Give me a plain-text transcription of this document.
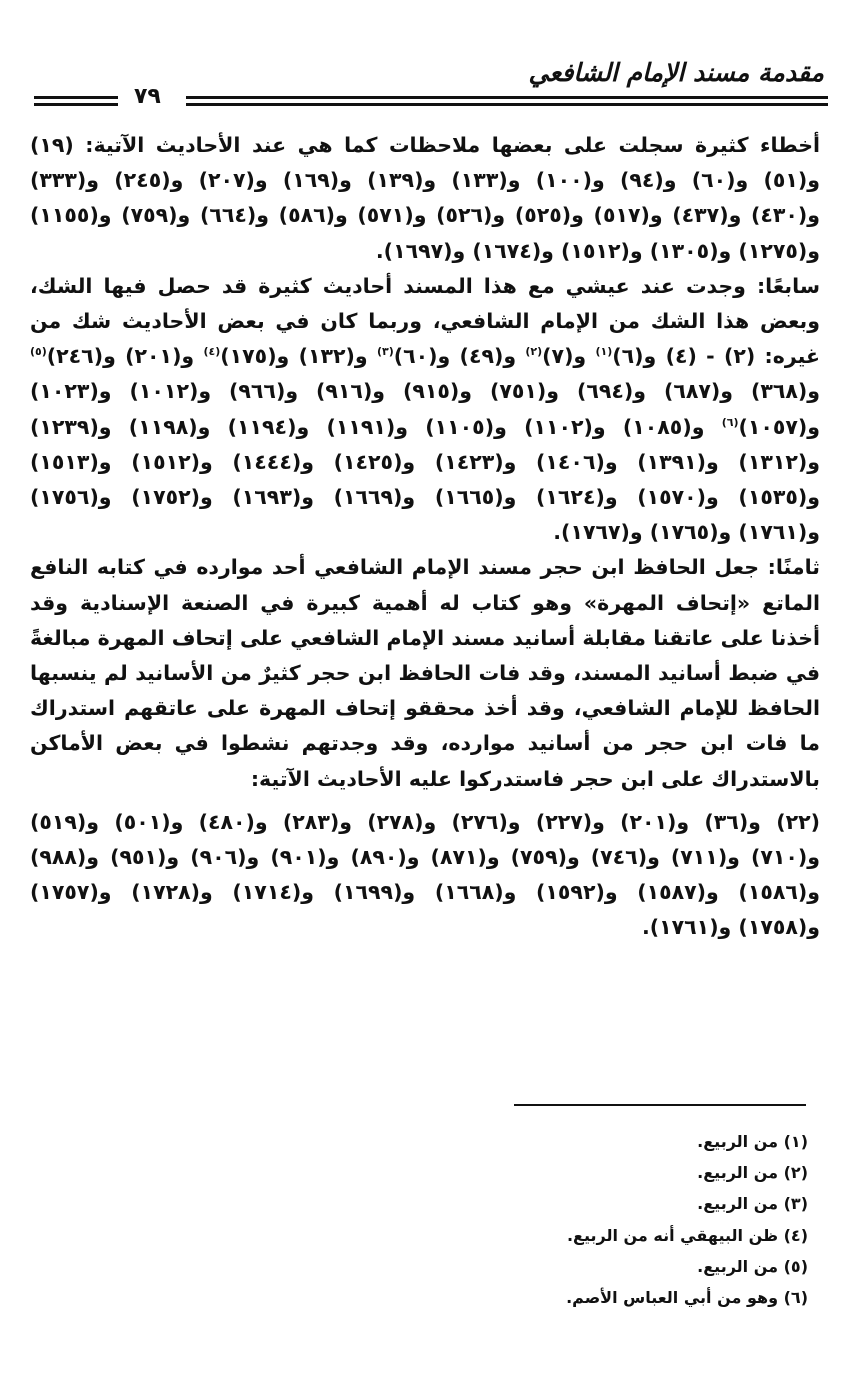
مقدمة مسند الإمام الشافعي
٧٩

أخطاء كثيرة سجلت على بعضها ملاحظات كما هي عند الأحاديث الآتية: (١٩) و(٥١) و(٦٠) و(٩٤) و(١٠٠) و(١٣٣) و(١٣٩) و(١٦٩) و(٢٠٧) و(٢٤٥) و(٣٣٣) و(٤٣٠) و(٤٣٧) و(٥١٧) و(٥٢٥) و(٥٢٦) و(٥٧١) و(٥٨٦) و(٦٦٤) و(٧٥٩) و(١١٥٥) و(١٢٧٥) و(١٣٠٥) و(١٥١٢) و(١٦٧٤) و(١٦٩٧).

سابعًا: وجدت عند عيشي مع هذا المسند أحاديث كثيرة قد حصل فيها الشك، وبعض هذا الشك من الإمام الشافعي، وربما كان في بعض الأحاديث شك من غيره: (٢) - (٤) و(٦)$^{(١)}$ و(٧)$^{(٢)}$ و(٤٩) و(٦٠)$^{(٣)}$ و(١٣٢) و(١٧٥)$^{(٤)}$ و(٢٠١) و(٢٤٦)$^{(٥)}$ و(٣٦٨) و(٦٨٧) و(٦٩٤) و(٧٥١) و(٩١٥) و(٩١٦) و(٩٦٦) و(١٠١٢) و(١٠٢٣) و(١٠٥٧)$^{(٦)}$ و(١٠٨٥) و(١١٠٢) و(١١٠٥) و(١١٩١) و(١١٩٤) و(١١٩٨) و(١٢٣٩) و(١٣١٢) و(١٣٩١) و(١٤٠٦) و(١٤٢٣) و(١٤٢٥) و(١٤٤٤) و(١٥١٢) و(١٥١٣) و(١٥٣٥) و(١٥٧٠) و(١٦٢٤) و(١٦٦٥) و(١٦٦٩) و(١٦٩٣) و(١٧٥٢) و(١٧٥٦) و(١٧٦١) و(١٧٦٥) و(١٧٦٧).

ثامنًا: جعل الحافظ ابن حجر مسند الإمام الشافعي أحد موارده في كتابه النافع الماتع «إتحاف المهرة» وهو كتاب له أهمية كبيرة في الصنعة الإسنادية وقد أخذنا على عاتقنا مقابلة أسانيد مسند الإمام الشافعي على إتحاف المهرة مبالغةً في ضبط أسانيد المسند، وقد فات الحافظ ابن حجر كثيرٌ من الأسانيد لم ينسبها الحافظ للإمام الشافعي، وقد أخذ محققو إتحاف المهرة على عاتقهم استدراك ما فات ابن حجر من أسانيد موارده، وقد وجدتهم نشطوا في بعض الأماكن بالاستدراك على ابن حجر فاستدركوا عليه الأحاديث الآتية:

(٢٢) و(٣٦) و(٢٠١) و(٢٢٧) و(٢٧٦) و(٢٧٨) و(٢٨٣) و(٤٨٠) و(٥٠١) و(٥١٩) و(٧١٠) و(٧١١) و(٧٤٦) و(٧٥٩) و(٨٧١) و(٨٩٠) و(٩٠١) و(٩٠٦) و(٩٥١) و(٩٨٨) و(١٥٨٦) و(١٥٨٧) و(١٥٩٢) و(١٦٦٨) و(١٦٩٩) و(١٧١٤) و(١٧٢٨) و(١٧٥٧) و(١٧٥٨) و(١٧٦١).

(١) من الربيع.
(٢) من الربيع.
(٣) من الربيع.
(٤) ظن البيهقي أنه من الربيع.
(٥) من الربيع.
(٦) وهو من أبي العباس الأصم.
